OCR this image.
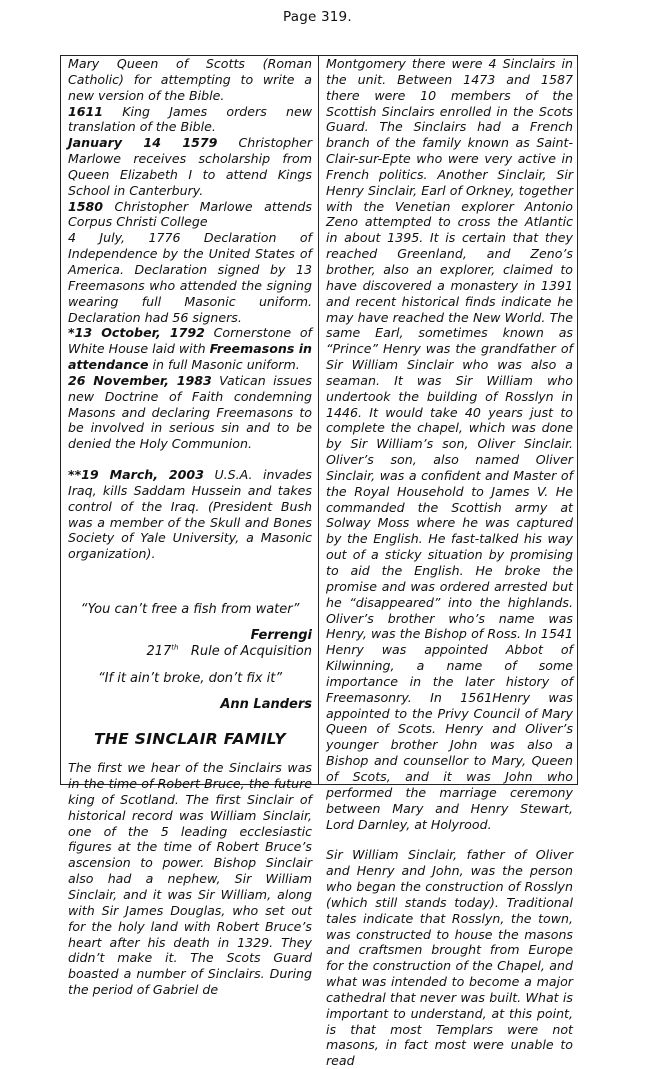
Page 319.

Mary Queen of Scotts (Roman Catholic) for attempting to write a new version of the Bible.

1611 King James orders new translation of the Bible.

January 14 1579 Christopher Marlowe receives scholarship from Queen Elizabeth I to attend Kings School in Canterbury.

1580 Christopher Marlowe attends Corpus Christi College

4 July, 1776 Declaration of Independence by the United States of America. Declaration signed by 13 Freemasons who attended the signing wearing full Masonic uniform. Declaration had 56 signers.

*13 October, 1792 Cornerstone of White House laid with Freemasons in attendance in full Masonic uniform.

26 November, 1983 Vatican issues new Doctrine of Faith condemning Masons and declaring Freemasons to be involved in serious sin and to be denied the Holy Communion.

**19 March, 2003 U.S.A. invades Iraq, kills Saddam Hussein and takes control of the Iraq. (President Bush was a member of the Skull and Bones Society of Yale University, a Masonic organization).

“You can’t free a fish from water”

Ferrengi

217th   Rule of Acquisition

“If it ain’t broke, don’t fix it”

Ann Landers

THE SINCLAIR FAMILY

The first we hear of the Sinclairs was in the time of Robert Bruce, the future king of Scotland. The first Sinclair of historical record was William Sinclair, one of the 5 leading ecclesiastic figures at the time of Robert Bruce’s ascension to power. Bishop Sinclair also had a nephew, Sir William Sinclair, and it was Sir William, along with Sir James Douglas, who set out for the holy land with Robert Bruce’s heart after his death in 1329. They didn’t make it. The Scots Guard boasted a number of Sinclairs. During the period of Gabriel de

Montgomery there were 4 Sinclairs in the unit. Between 1473 and 1587 there were 10 members of the Scottish Sinclairs enrolled in the Scots Guard. The Sinclairs had a French branch of the family known as Saint-Clair-sur-Epte who were very active in French politics. Another Sinclair, Sir Henry Sinclair, Earl of Orkney, together with the Venetian explorer Antonio Zeno attempted to cross the Atlantic in about 1395. It is certain that they reached Greenland, and Zeno’s brother, also an explorer, claimed to have discovered a monastery in 1391 and recent historical finds indicate he may have reached the New World. The same Earl, sometimes known as “Prince” Henry was the grandfather of Sir William Sinclair who was also a seaman. It was Sir William who undertook the building of Rosslyn in 1446. It would take 40 years just to complete the chapel, which was done by Sir William’s son, Oliver Sinclair. Oliver’s son, also named Oliver Sinclair, was a confident and Master of the Royal Household to James V. He commanded the Scottish army at Solway Moss where he was captured by the English. He fast-talked his way out of a sticky situation by promising to aid the English. He broke the promise and was ordered arrested but he “disappeared” into the highlands. Oliver’s brother who’s name was Henry, was the Bishop of Ross. In 1541 Henry was appointed Abbot of Kilwinning, a name of some importance in the later history of Freemasonry. In 1561Henry was appointed to the Privy Council of Mary Queen of Scots. Henry and Oliver’s younger brother John was also a Bishop and counsellor to Mary, Queen of Scots, and it was John who performed the marriage ceremony between Mary and Henry Stewart, Lord Darnley, at Holyrood.

Sir William Sinclair, father of Oliver and Henry and John, was the person who began the construction of Rosslyn (which still stands today). Traditional tales indicate that Rosslyn, the town, was constructed to house the masons and craftsmen brought from Europe for the construction of the Chapel, and what was intended to become a major cathedral that never was built. What is important to understand, at this point, is that most Templars were not masons, in fact most were unable to read
